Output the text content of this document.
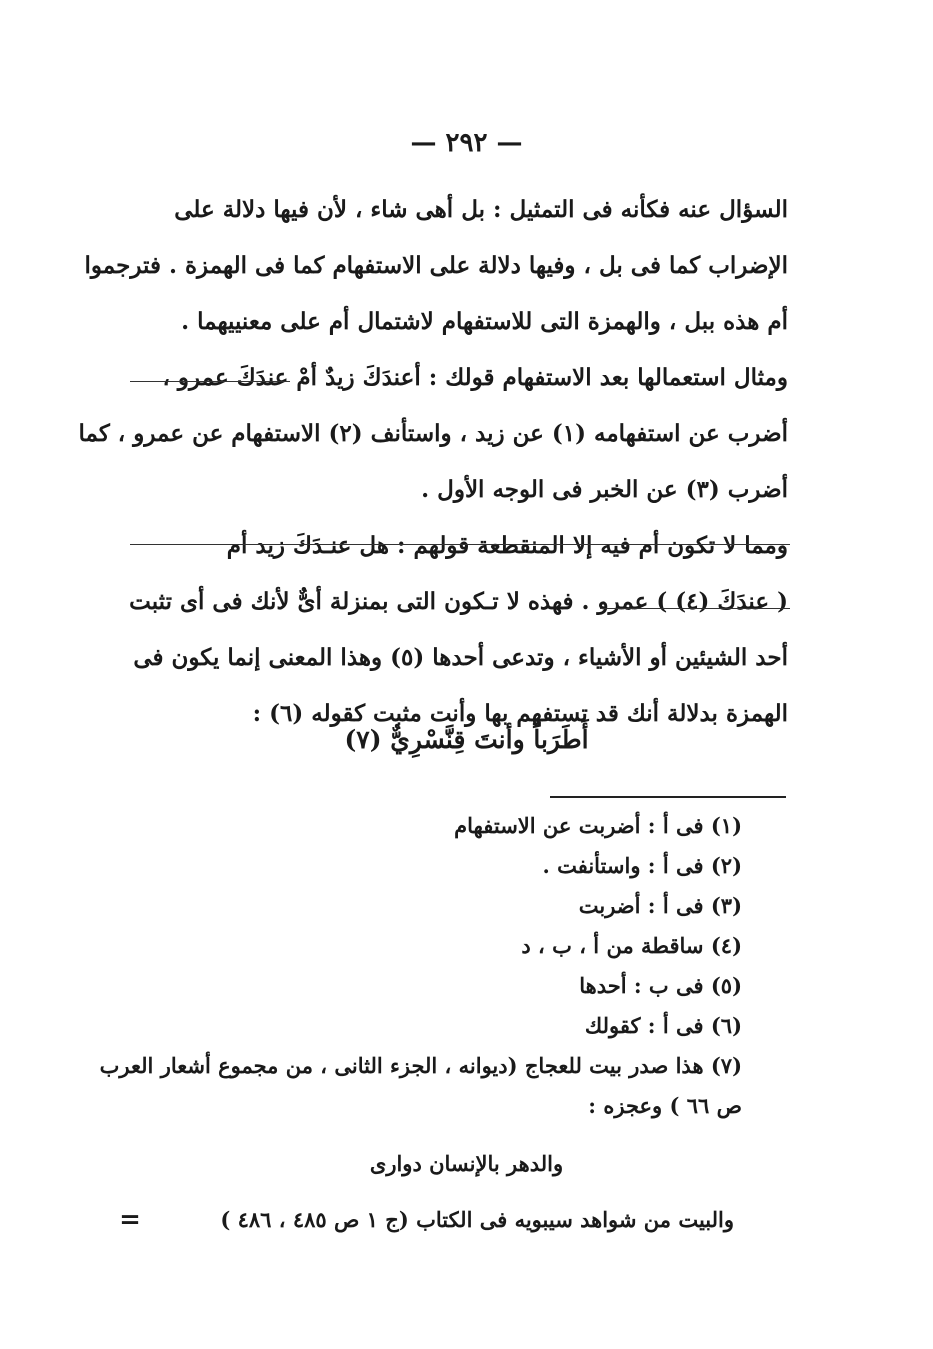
— ٢٩٢ —
السؤال عنه فكأنه فى التمثيل : بل أهى شاء ، لأن فيها دلالة على
الإضراب كما فى بل ، وفيها دلالة على الاستفهام كما فى الهمزة . فترجموا
أم هذه ببل ، والهمزة التى للاستفهام لاشتمال أم على معنييهما .
ومثال استعمالها بعد الاستفهام قولك : أعندَكَ زيدٌ أمْ عندَكَ عمرو ،
أضرب عن استفهامه (١) عن زيد ، واستأنف (٢) الاستفهام عن عمرو ، كما
أضرب (٣) عن الخبر فى الوجه الأول .
ومما لا تكون أم فيه إلا المنقطعة قولهم : هل عنـدَكَ زيد أم
( عندَكَ (٤) ) عمرو . فهذه لا تـكون التى بمنزلة أىٌّ لأنك فى أى تثبت
أحد الشيئين أو الأشياء ، وتدعى أحدها (٥) وهذا المعنى إنما يكون فى
الهمزة بدلالة أنك قد تستفهم بها وأنت مثبت كقوله (٦) :
أَطَرَباً وأنتَ قِنَّسْرِيٌّ (٧)
(١) فى أ : أضربت عن الاستفهام
(٢) فى أ : واستأنفت .
(٣) فى أ : أضربت
(٤) ساقطة من أ ، ب ، د
(٥) فى ب : أحدها
(٦) فى أ : كقولك
(٧) هذا صدر بيت للعجاج (ديوانه ، الجزء الثانى ، من مجموع أشعار العرب
ص ٦٦ ) وعجزه :
والدهر بالإنسان دوارى
والبيت من شواهد سيبويه فى الكتاب (ج ١ ص ٤٨٥ ، ٤٨٦ )
=
